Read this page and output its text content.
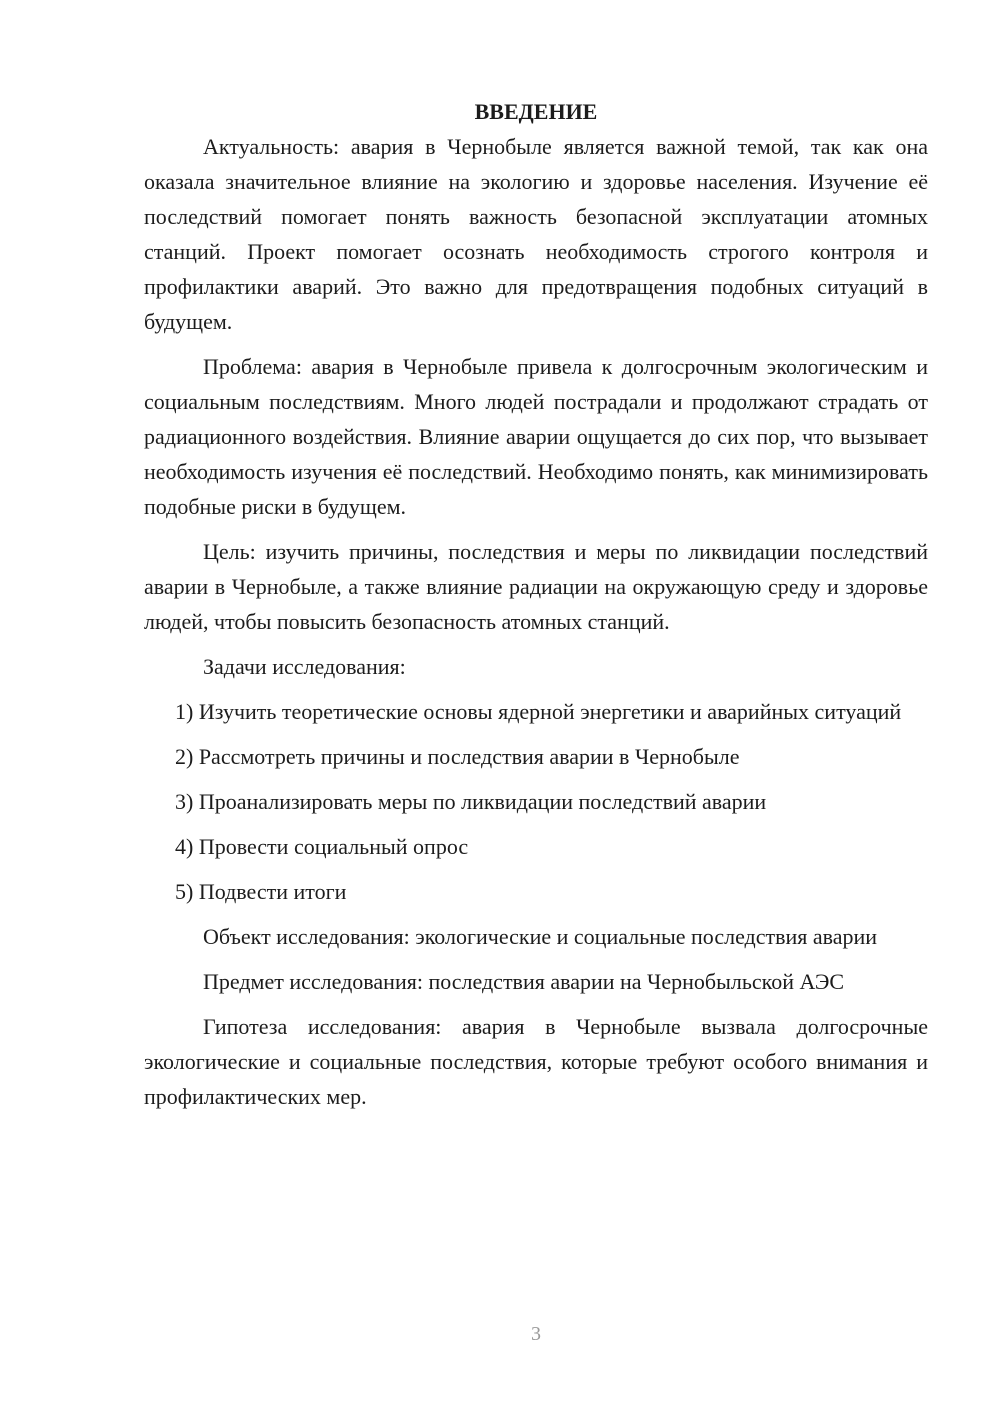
ВВЕДЕНИЕ

Актуальность: авария в Чернобыле является важной темой, так как она оказала значительное влияние на экологию и здоровье населения. Изучение её последствий помогает понять важность безопасной эксплуатации атомных станций. Проект помогает осознать необходимость строгого контроля и профилактики аварий. Это важно для предотвращения подобных ситуаций в будущем.

Проблема: авария в Чернобыле привела к долгосрочным экологическим и социальным последствиям. Много людей пострадали и продолжают страдать от радиационного воздействия. Влияние аварии ощущается до сих пор, что вызывает необходимость изучения её последствий. Необходимо понять, как минимизировать подобные риски в будущем.

Цель: изучить причины, последствия и меры по ликвидации последствий аварии в Чернобыле, а также влияние радиации на окружающую среду и здоровье людей, чтобы повысить безопасность атомных станций.

Задачи исследования:

1) Изучить теоретические основы ядерной энергетики и аварийных ситуаций
2) Рассмотреть причины и последствия аварии в Чернобыле
3) Проанализировать меры по ликвидации последствий аварии
4) Провести социальный опрос
5) Подвести итоги

Объект исследования: экологические и социальные последствия аварии

Предмет исследования: последствия аварии на Чернобыльской АЭС

Гипотеза исследования: авария в Чернобыле вызвала долгосрочные экологические и социальные последствия, которые требуют особого внимания и профилактических мер.

3
